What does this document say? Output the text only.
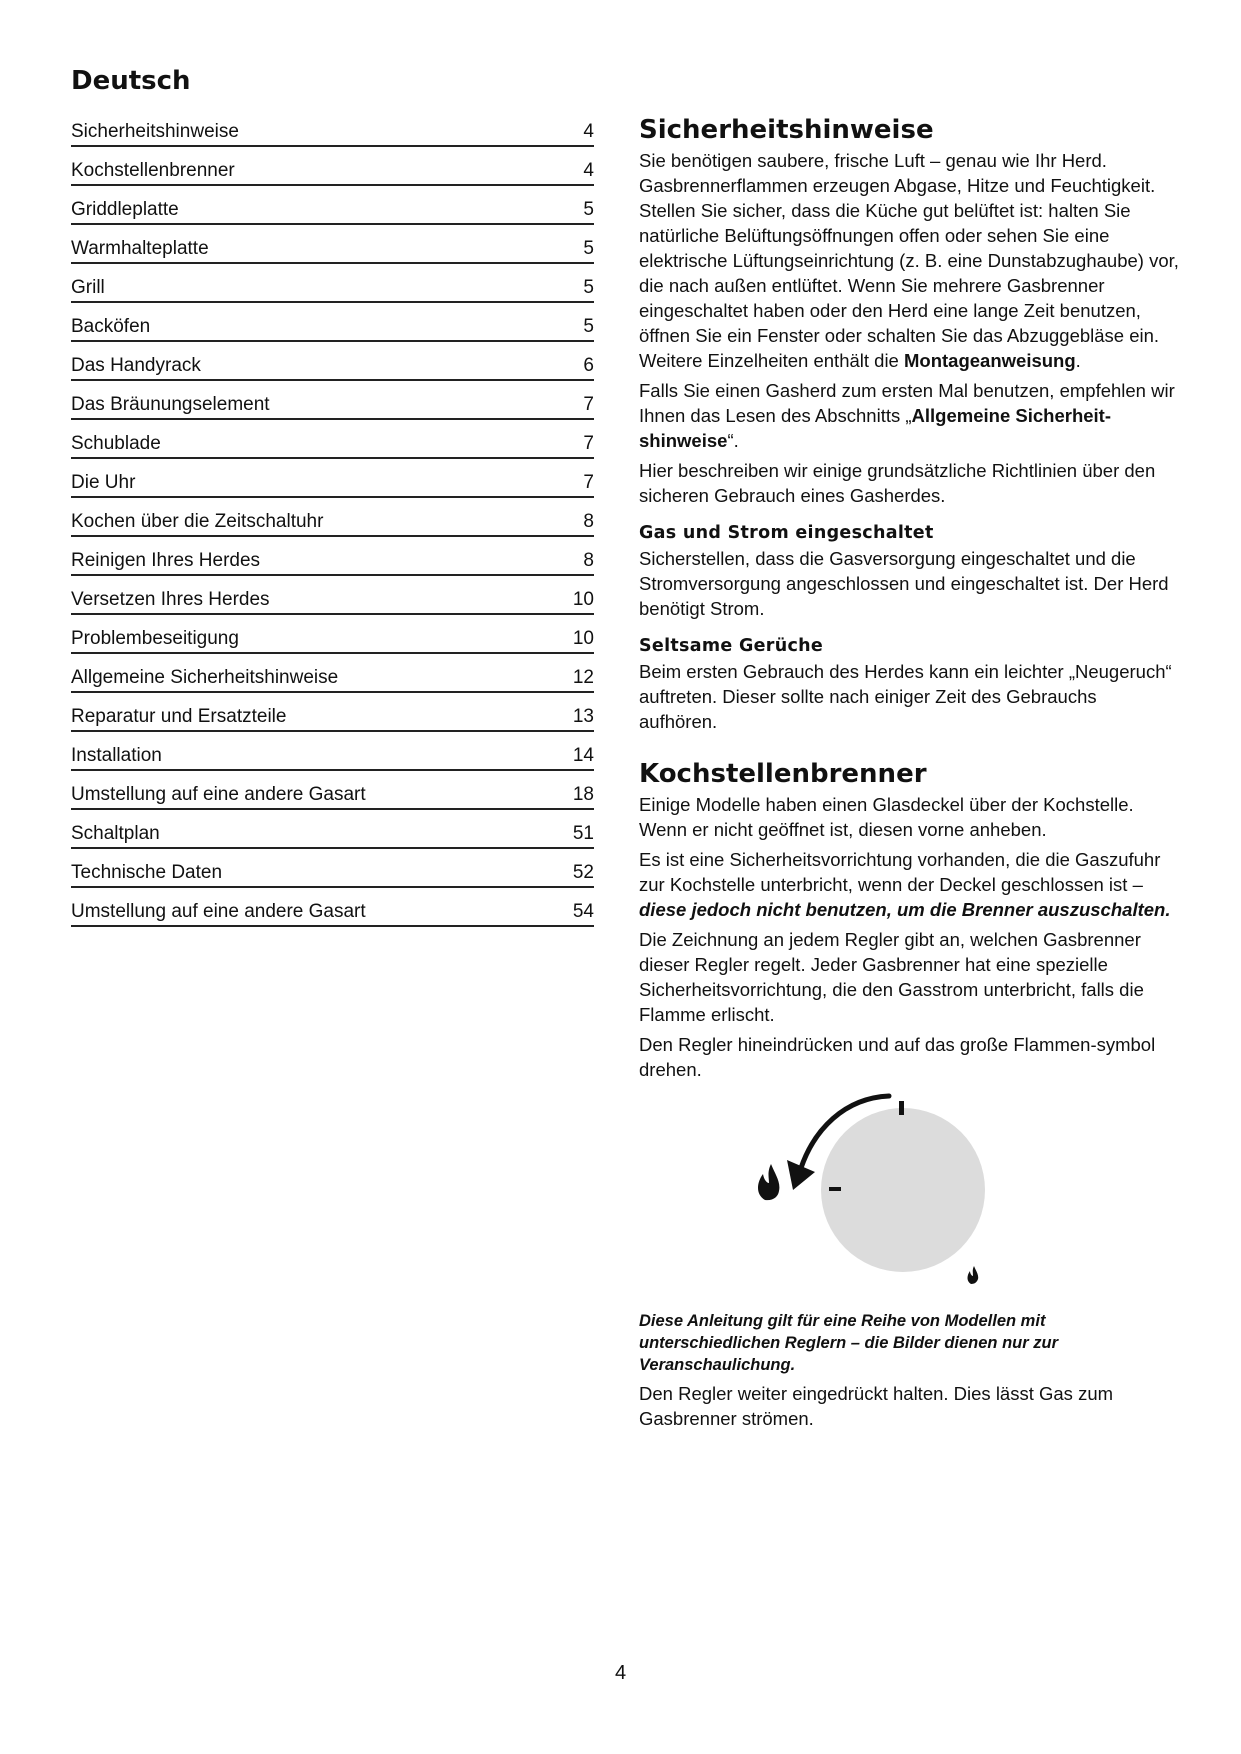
Deutsch
Sicherheitshinweise	4
Kochstellenbrenner	4
Griddleplatte	5
Warmhalteplatte	5
Grill	5
Backöfen	5
Das Handyrack	6
Das Bräunungselement	7
Schublade	7
Die Uhr	7
Kochen über die Zeitschaltuhr	8
Reinigen Ihres Herdes	8
Versetzen Ihres Herdes	10
Problembeseitigung	10
Allgemeine Sicherheitshinweise	12
Reparatur und Ersatzteile	13
Installation	14
Umstellung auf eine andere Gasart	18
Schaltplan	51
Technische Daten	52
Umstellung auf eine andere Gasart	54
Sicherheitshinweise

Sie benötigen saubere, frische Luft – genau wie Ihr Herd. Gasbrennerflammen erzeugen Abgase, Hitze und Feuchtigkeit. Stellen Sie sicher, dass die Küche gut belüftet ist: halten Sie natürliche Belüftungsöffnungen offen oder sehen Sie eine elektrische Lüftungseinrichtung (z. B. eine Dunstabzughaube) vor, die nach außen entlüftet. Wenn Sie mehrere Gasbrenner eingeschaltet haben oder den Herd eine lange Zeit benutzen, öffnen Sie ein Fenster oder schalten Sie das Abzuggebläse ein. Weitere Einzelheiten enthält die Montageanweisung.

Falls Sie einen Gasherd zum ersten Mal benutzen, empfehlen wir Ihnen das Lesen des Abschnitts „Allgemeine Sicherheit-shinweise“.

Hier beschreiben wir einige grundsätzliche Richtlinien über den sicheren Gebrauch eines Gasherdes.

Gas und Strom eingeschaltet

Sicherstellen, dass die Gasversorgung eingeschaltet und die Stromversorgung angeschlossen und eingeschaltet ist. Der Herd benötigt Strom.

Seltsame Gerüche

Beim ersten Gebrauch des Herdes kann ein leichter „Neugeruch“ auftreten. Dieser sollte nach einiger Zeit des Gebrauchs aufhören.

Kochstellenbrenner

Einige Modelle haben einen Glasdeckel über der Kochstelle. Wenn er nicht geöffnet ist, diesen vorne anheben.

Es ist eine Sicherheitsvorrichtung vorhanden, die die Gaszufuhr zur Kochstelle unterbricht, wenn der Deckel geschlossen ist – diese jedoch nicht benutzen, um die Brenner auszuschalten.

Die Zeichnung an jedem Regler gibt an, welchen Gasbrenner dieser Regler regelt. Jeder Gasbrenner hat eine spezielle Sicherheitsvorrichtung, die den Gasstrom unterbricht, falls die Flamme erlischt.

Den Regler hineindrücken und auf das große Flammen-symbol drehen.

Diese Anleitung gilt für eine Reihe von Modellen mit unterschiedlichen Reglern – die Bilder dienen nur zur Veranschaulichung.

Den Regler weiter eingedrückt halten. Dies lässt Gas zum Gasbrenner strömen.

4
